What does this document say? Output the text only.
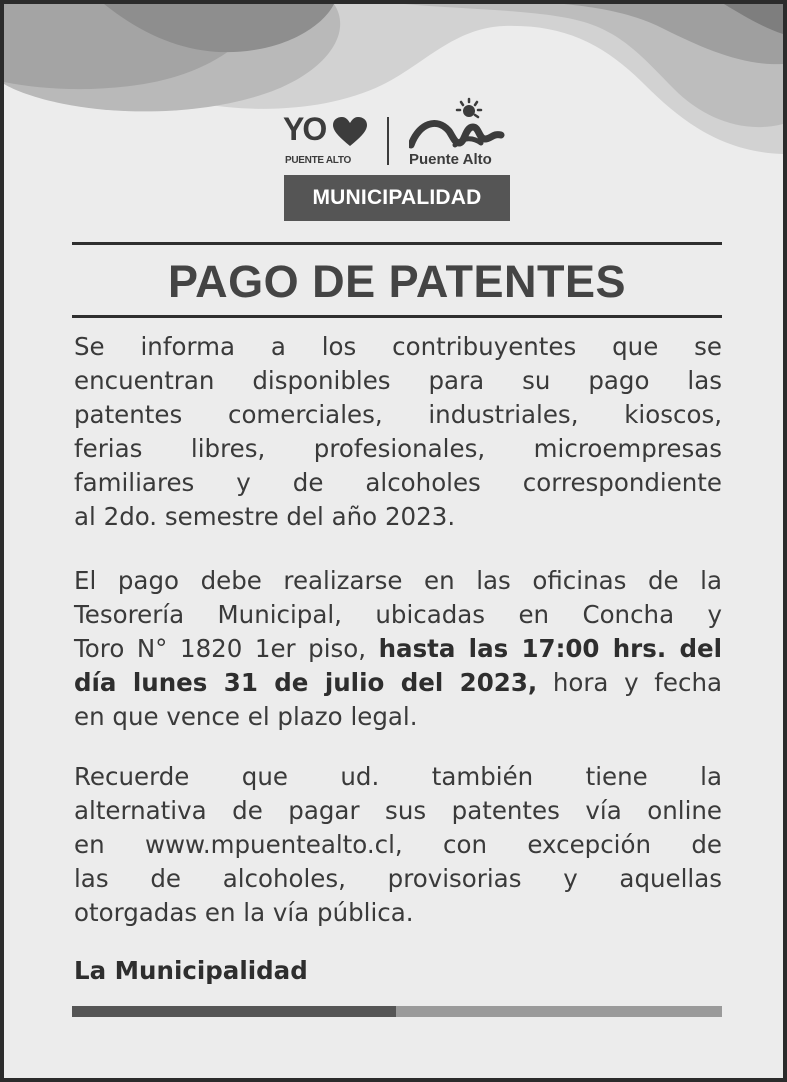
YO
PUENTE ALTO	Puente Alto
MUNICIPALIDAD
PAGO DE PATENTES
Se informa a los contribuyentes que se
encuentran disponibles para su pago las
patentes comerciales, industriales, kioscos,
ferias libres, profesionales, microempresas
familiares y de alcoholes correspondiente
al 2do. semestre del año 2023.
El pago debe realizarse en las oficinas de la
Tesorería Municipal, ubicadas en Concha y
Toro N° 1820 1er piso, hasta las 17:00 hrs. del
día lunes 31 de julio del 2023, hora y fecha
en que vence el plazo legal.
Recuerde que ud. también tiene la
alternativa de pagar sus patentes vía online
en www.mpuentealto.cl, con excepción de
las de alcoholes, provisorias y aquellas
otorgadas en la vía pública.
La Municipalidad
